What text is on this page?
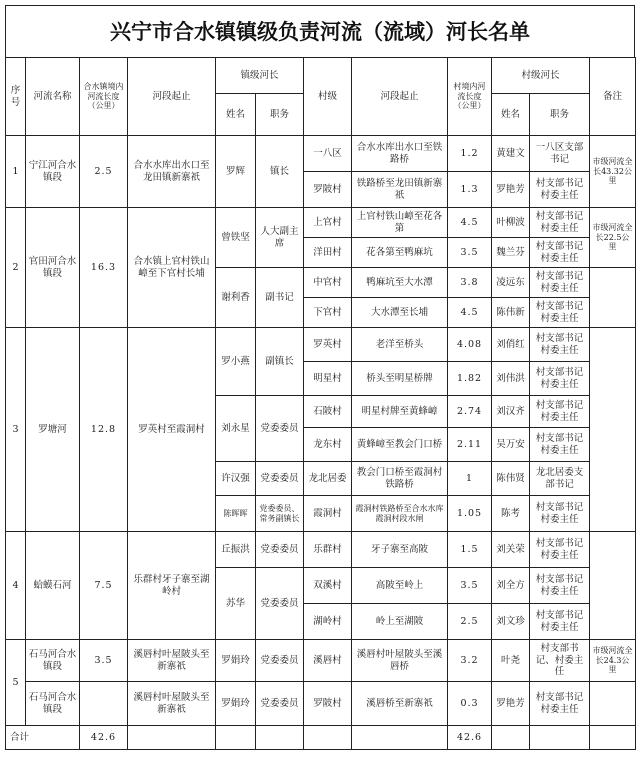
兴宁市合水镇镇级负责河流（流域）河长名单
序号	河流名称	合水镇境内河流长度（公里）	河段起止	镇级河长		村级	河段起止	村境内河流长度（公里）	村级河长		备注
				姓名	职务				姓名	职务	
1	宁江河合水镇段	2.5	合水水库出水口至龙田镇新寨祇	罗辉	镇长	一八区	合水水库出水口至铁路桥	1.2	黄建文	一八区支部书记	市级河流全长43.32公里
						罗陂村	铁路桥至龙田镇新寨祇	1.3	罗艳芳	村支部书记村委主任	
2	官田河合水镇段	16.3	合水镇上官村铁山嶂至下官村长埔	曾铁坚	人大副主席	上官村	上官村铁山嶂至花各第	4.5	叶柳波	村支部书记村委主任	市级河流全长22.5公里
						洋田村	花各第至鸭麻坑	3.5	魏兰芬	村支部书记村委主任	
				谢利香	副书记	中官村	鸭麻坑至大水潭	3.8	凌远东	村支部书记村委主任	
						下官村	大水潭至长埔	4.5	陈伟新	村支部书记村委主任	
3	罗塘河	12.8	罗英村至霞洞村	罗小燕	副镇长	罗英村	老洋至桥头	4.08	刘俏红	村支部书记村委主任	
						明星村	桥头至明星桥牌	1.82	刘伟洪	村支部书记村委主任	
				刘永星	党委委员	石陂村	明星村牌至黄蜂嶂	2.74	刘汉齐	村支部书记村委主任	
						龙东村	黄蜂嶂至教会门口桥	2.11	吴万安	村支部书记村委主任	
				许汉强	党委委员	龙北居委	教会门口桥至霞洞村铁路桥	1	陈伟贤	龙北居委支部书记	
				陈晖晖	党委委员、常务副镇长	霞洞村	霞洞村铁路桥至合水水库霞洞村段水闸	1.05	陈考	村支部书记村委主任	
4	蛤蟆石河	7.5	乐群村牙子寨至湖岭村	丘振洪	党委委员	乐群村	牙子寨至高陂	1.5	刘关荣	村支部书记村委主任	
				苏华	党委委员	双溪村	高陂至岭上	3.5	刘全方	村支部书记村委主任	
						湖岭村	岭上至湖陂	2.5	刘文珍	村支部书记村委主任	
5	石马河合水镇段	3.5	溪唇村叶屋陂头至新寨祇	罗娟玲	党委委员	溪唇村	溪唇村叶屋陂头至溪唇桥	3.2	叶尧	村支部书记、村委主任	市级河流全长24.3公里
	石马河合水镇段		溪唇村叶屋陂头至新寨祇	罗娟玲	党委委员	罗陂村	溪唇桥至新寨祇	0.3	罗艳芳	村支部书记村委主任	
合计		42.6						42.6			
